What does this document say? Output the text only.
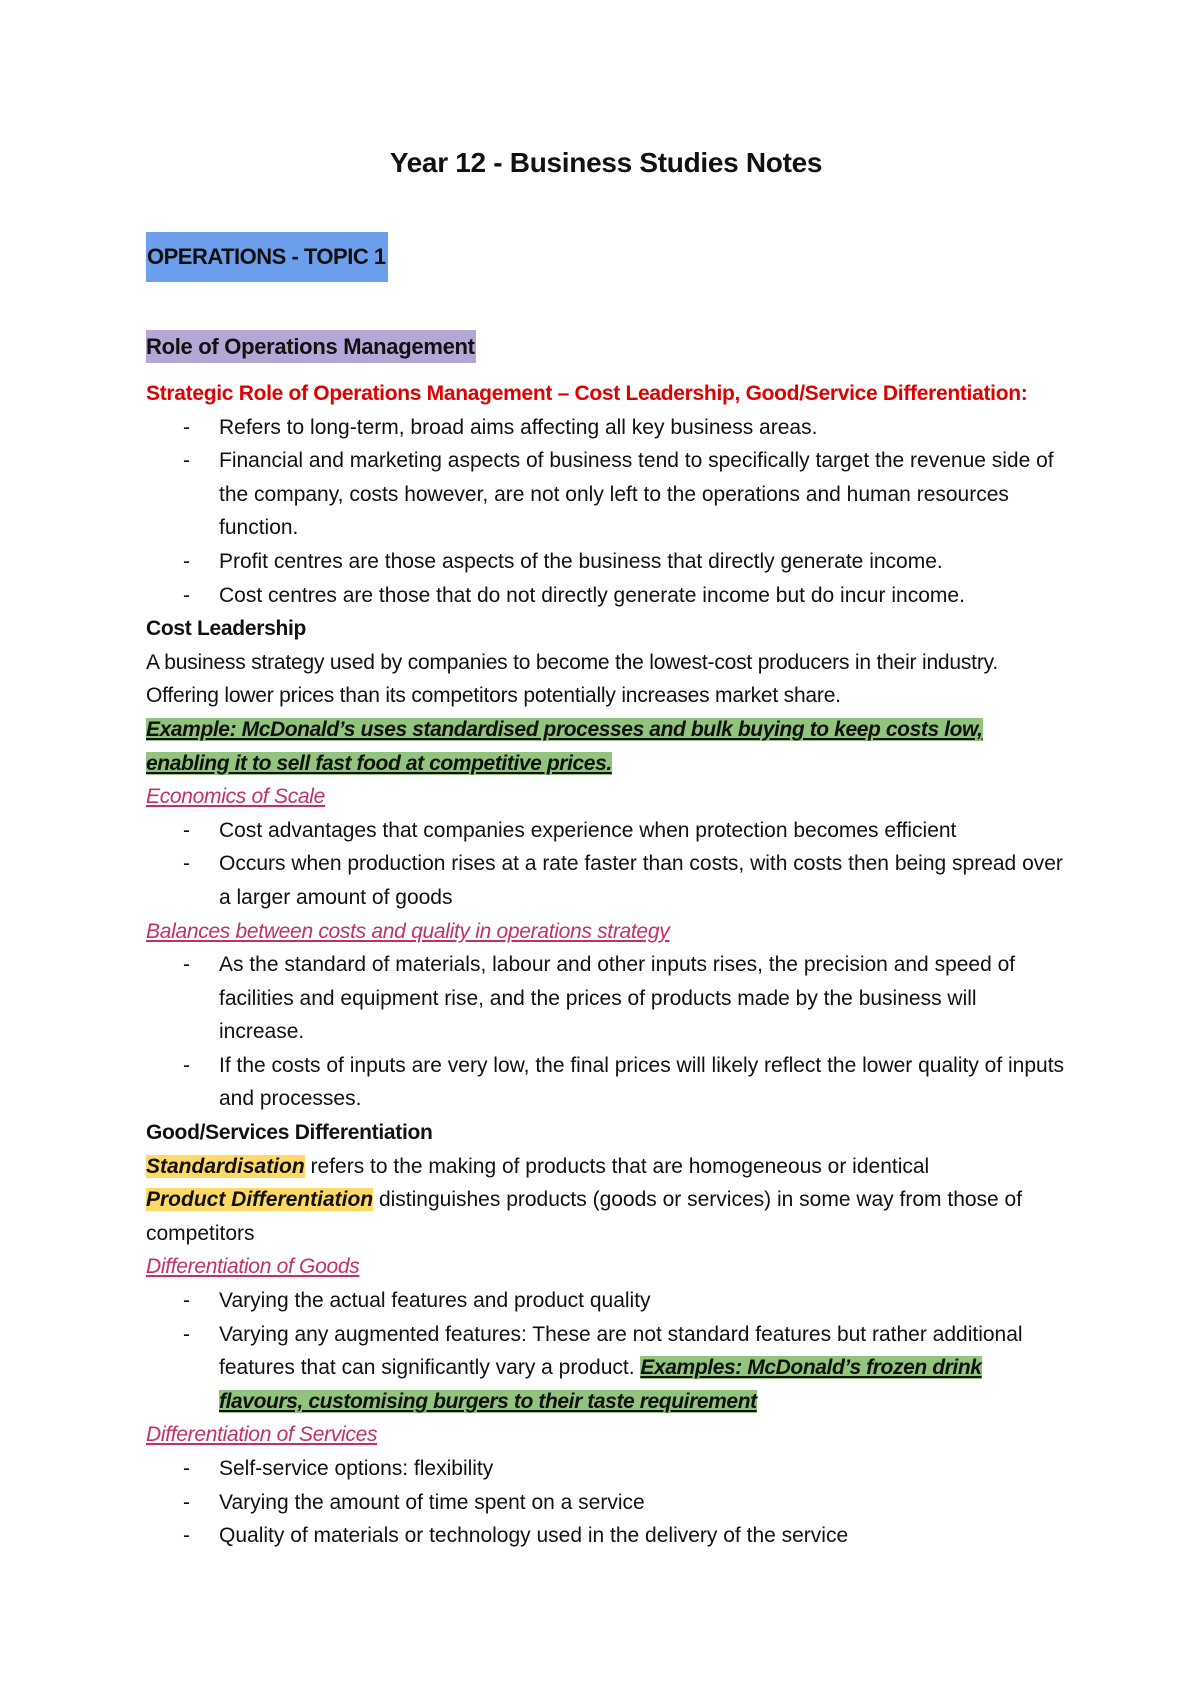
Year 12 - Business Studies Notes
OPERATIONS - TOPIC 1
Role of Operations Management

Strategic Role of Operations Management – Cost Leadership, Good/Service Differentiation:

- Refers to long-term, broad aims affecting all key business areas.
- Financial and marketing aspects of business tend to specifically target the revenue side of the company, costs however, are not only left to the operations and human resources function.
- Profit centres are those aspects of the business that directly generate income.
- Cost centres are those that do not directly generate income but do incur income.

Cost Leadership

A business strategy used by companies to become the lowest-cost producers in their industry. Offering lower prices than its competitors potentially increases market share.

Example: McDonald’s uses standardised processes and bulk buying to keep costs low, enabling it to sell fast food at competitive prices.

Economics of Scale

- Cost advantages that companies experience when protection becomes efficient
- Occurs when production rises at a rate faster than costs, with costs then being spread over a larger amount of goods

Balances between costs and quality in operations strategy

- As the standard of materials, labour and other inputs rises, the precision and speed of facilities and equipment rise, and the prices of products made by the business will increase.
- If the costs of inputs are very low, the final prices will likely reflect the lower quality of inputs and processes.

Good/Services Differentiation

Standardisation refers to the making of products that are homogeneous or identical

Product Differentiation distinguishes products (goods or services) in some way from those of competitors

Differentiation of Goods

- Varying the actual features and product quality
- Varying any augmented features: These are not standard features but rather additional features that can significantly vary a product. Examples: McDonald’s frozen drink flavours, customising burgers to their taste requirement

Differentiation of Services

- Self-service options: flexibility
- Varying the amount of time spent on a service
- Quality of materials or technology used in the delivery of the service
